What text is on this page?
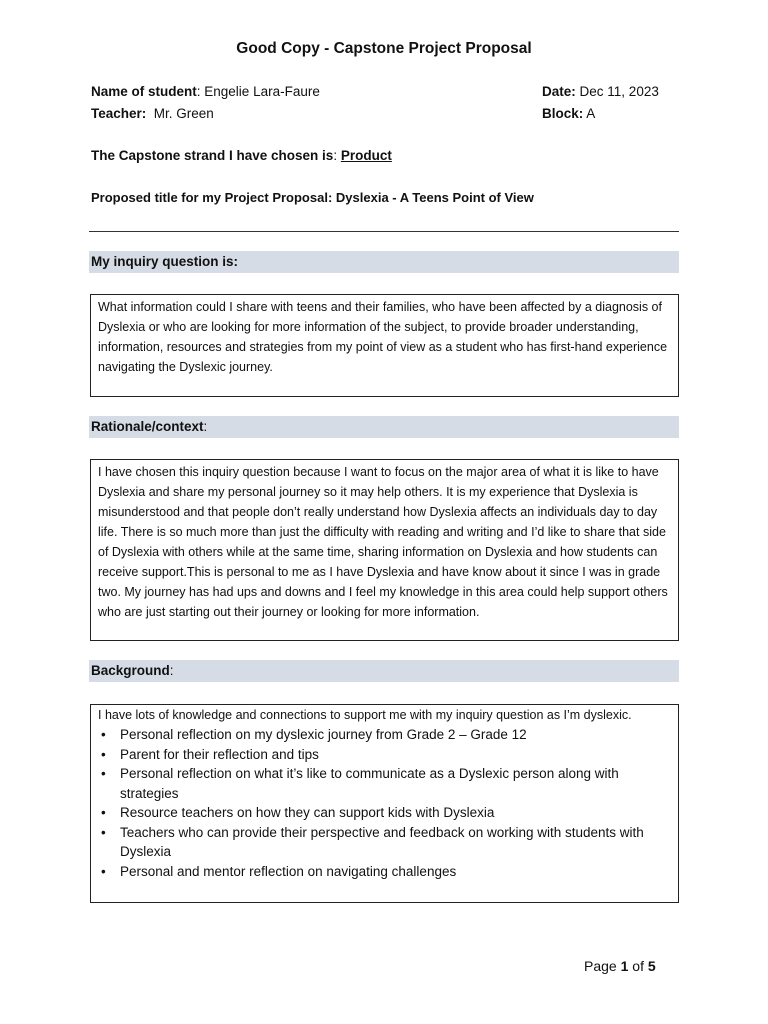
Good Copy - Capstone Project Proposal
Name of student: Engelie Lara-Faure
Teacher: Mr. Green
Date: Dec 11, 2023
Block: A
The Capstone strand I have chosen is: Product
Proposed title for my Project Proposal: Dyslexia - A Teens Point of View
My inquiry question is:

What information could I share with teens and their families, who have been affected by a diagnosis of Dyslexia or who are looking for more information of the subject, to provide broader understanding, information, resources and strategies from my point of view as a student who has first-hand experience navigating the Dyslexic journey.

Rationale/context:

I have chosen this inquiry question because I want to focus on the major area of what it is like to have Dyslexia and share my personal journey so it may help others. It is my experience that Dyslexia is misunderstood and that people don’t really understand how Dyslexia affects an individuals day to day life. There is so much more than just the difficulty with reading and writing and I’d like to share that side of Dyslexia with others while at the same time, sharing information on Dyslexia and how students can receive support.This is personal to me as I have Dyslexia and have know about it since I was in grade two. My journey has had ups and downs and I feel my knowledge in this area could help support others who are just starting out their journey or looking for more information.

Background:

I have lots of knowledge and connections to support me with my inquiry question as I’m dyslexic.

• Personal reflection on my dyslexic journey from Grade 2 – Grade 12
• Parent for their reflection and tips
• Personal reflection on what it’s like to communicate as a Dyslexic person along with strategies
• Resource teachers on how they can support kids with Dyslexia
• Teachers who can provide their perspective and feedback on working with students with Dyslexia
• Personal and mentor reflection on navigating challenges
Page 1 of 5
